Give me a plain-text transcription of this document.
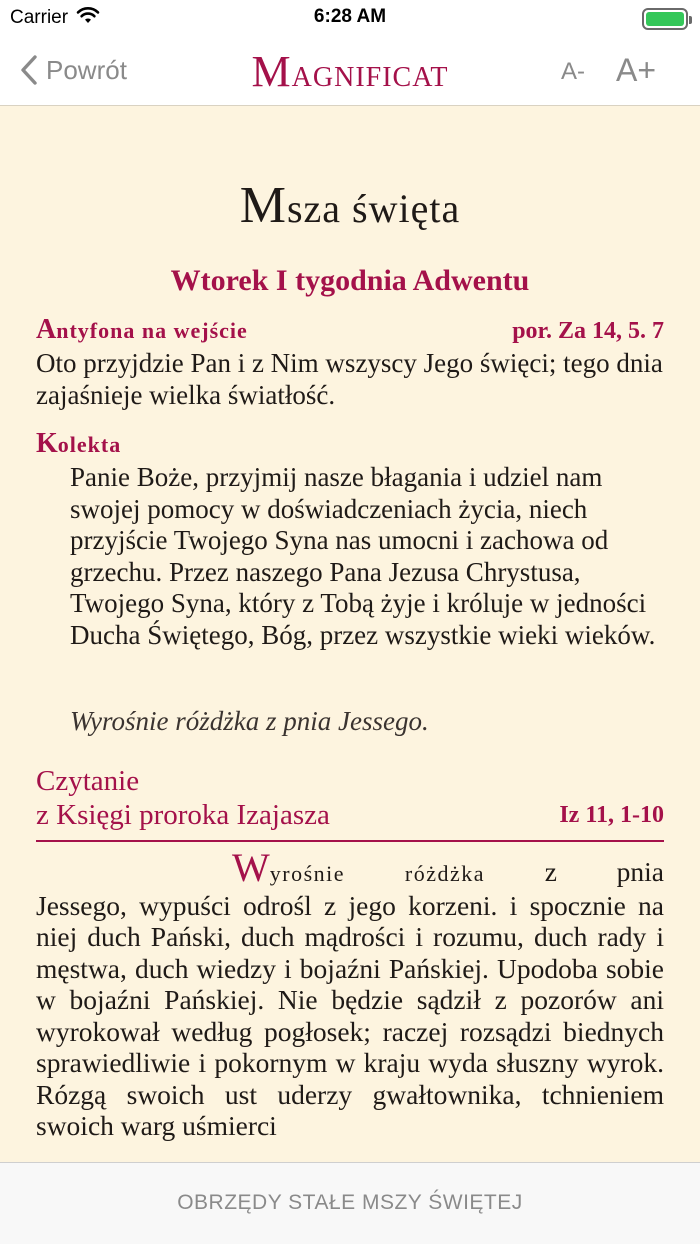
Carrier	6:28 AM
Powrót	MAGNIFICAT	A- A+
Msza święta
Wtorek I tygodnia Adwentu
Antyfona na wejście	por. Za 14, 5. 7
Oto przyjdzie Pan i z Nim wszyscy Jego święci; tego dnia zajaśnieje wielka światłość.
Kolekta
Panie Boże, przyjmij nasze błagania i udziel nam swojej pomocy w doświadczeniach życia, niech przyjście Twojego Syna nas umocni i zachowa od grzechu. Przez naszego Pana Jezusa Chrystusa, Twojego Syna, który z Tobą żyje i króluje w jedności Ducha Świętego, Bóg, przez wszystkie wieki wieków.
Wyrośnie różdżka z pnia Jessego.
Czytanie
z Księgi proroka Izajasza	Iz 11, 1-10
Wyrośnie różdżka z pnia
Jessego, wypuści odrośl z jego korzeni. i spocznie na niej duch Pański, duch mądrości i rozumu, duch rady i męstwa, duch wiedzy i bojaźni Pańskiej. Upodoba sobie w bojaźni Pańskiej. Nie będzie sądził z pozorów ani wyrokował według pogłosek; raczej rozsądzi biednych sprawiedliwie i pokornym w kraju wyda słuszny wyrok. Rózgą swoich ust uderzy gwałtownika, tchnieniem swoich warg uśmierci
OBRZĘDY STAŁE MSZY ŚWIĘTEJ
